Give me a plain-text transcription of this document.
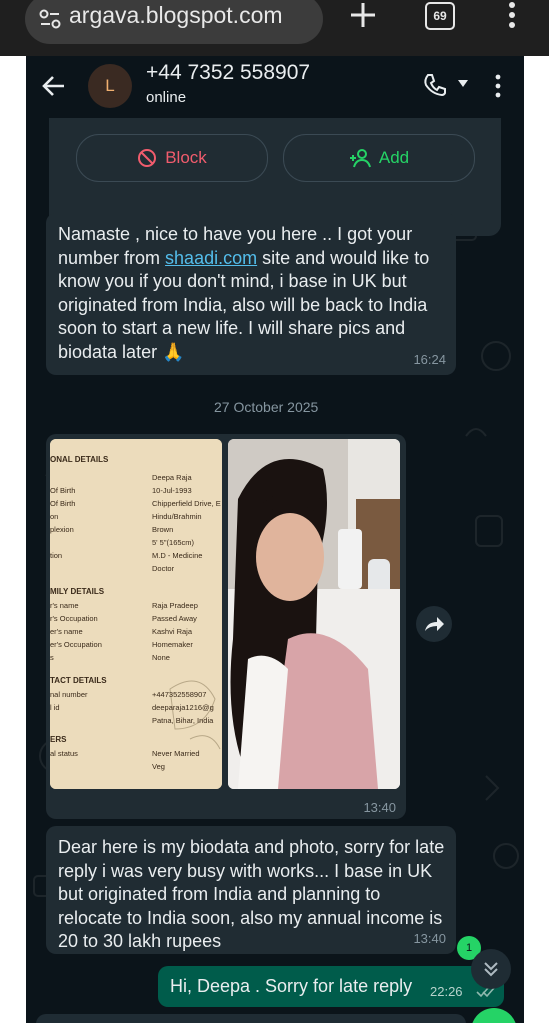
argava.blogspot.com	69
L
+44 7352 558907
online
Block	Add
Namaste , nice to have you here .. I got your number from shaadi.com site and would like to know you if you don't mind, i base in UK but originated from India, also will be back to India soon to start a new life. I will share pics and biodata later 🙏	16:24
27 October 2025
ONAL DETAILS
Deepa Raja
Of Birth	10-Jul-1993
Of Birth	Chipperfield Drive, E
on	Hindu/Brahmin
plexion	Brown
5' 5"(165cm)
tion	M.D - Medicine
Doctor
MILY DETAILS
r's name	Raja Pradeep
r's Occupation	Passed Away
er's name	Kashvi Raja
er's Occupation	Homemaker
s	None
TACT DETAILS
nal number	+447352558907
l id	deeparaja1216@g
Patna, Bihar, India
ERS
al status	Never Married
Veg
13:40
Dear here is my biodata and photo, sorry for late reply i was very busy with works... I base in UK but originated from India and planning to relocate to India soon, also my annual income is 20 to 30 lakh rupees	13:40
Hi, Deepa . Sorry for late reply 22:26
1
